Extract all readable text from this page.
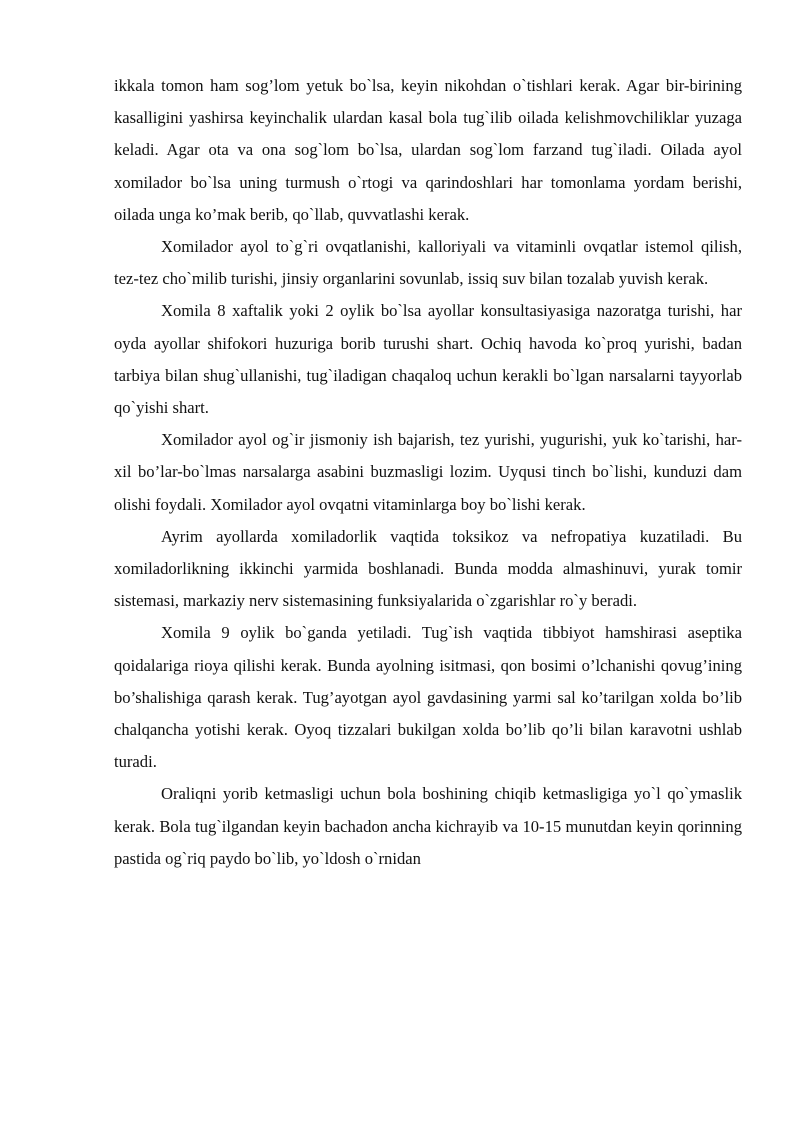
ikkala tomon ham sog’lom yetuk bo`lsa, keyin nikohdan o`tishlari kerak. Agar bir-birining kasalligini yashirsa keyinchalik ulardan kasal bola tug`ilib oilada kelishmovchiliklar yuzaga keladi. Agar ota va ona sog`lom bo`lsa, ulardan sog`lom farzand tug`iladi. Oilada ayol xomilador bo`lsa uning turmush o`rtogi va qarindoshlari har tomonlama yordam berishi, oilada unga ko’mak berib, qo`llab, quvvatlashi kerak.

Xomilador ayol to`g`ri ovqatlanishi, kalloriyali va vitaminli ovqatlar istemol qilish, tez-tez cho`milib turishi, jinsiy organlarini sovunlab, issiq suv bilan tozalab yuvish kerak.

Xomila 8 xaftalik yoki 2 oylik bo`lsa ayollar konsultasiyasiga nazoratga turishi, har oyda ayollar shifokori huzuriga borib turushi shart. Ochiq havoda ko`proq yurishi, badan tarbiya bilan shug`ullanishi, tug`iladigan chaqaloq uchun kerakli bo`lgan narsalarni tayyorlab qo`yishi shart.

Xomilador ayol og`ir jismoniy ish bajarish, tez yurishi, yugurishi, yuk ko`tarishi, har-xil bo’lar-bo`lmas narsalarga asabini buzmasligi lozim. Uyqusi tinch bo`lishi, kunduzi dam olishi foydali. Xomilador ayol ovqatni vitaminlarga boy bo`lishi kerak.

Ayrim ayollarda xomiladorlik vaqtida toksikoz va nefropatiya kuzatiladi. Bu xomiladorlikning ikkinchi yarmida boshlanadi. Bunda modda almashinuvi, yurak tomir sistemasi, markaziy nerv sistemasining funksiyalarida o`zgarishlar ro`y beradi.

Xomila 9 oylik bo`ganda yetiladi. Tug`ish vaqtida tibbiyot hamshirasi aseptika qoidalariga rioya qilishi kerak. Bunda ayolning isitmasi, qon bosimi o’lchanishi qovug’ining bo’shalishiga qarash kerak. Tug’ayotgan ayol gavdasining yarmi sal ko’tarilgan xolda bo’lib chalqancha yotishi kerak. Oyoq tizzalari bukilgan xolda bo’lib qo’li bilan karavotni ushlab turadi.

Oraliqni yorib ketmasligi uchun bola boshining chiqib ketmasligiga yo`l qo`ymaslik kerak. Bola tug`ilgandan keyin bachadon ancha kichrayib va 10-15 munutdan keyin qorinning pastida og`riq paydo bo`lib, yo`ldosh o`rnidan
